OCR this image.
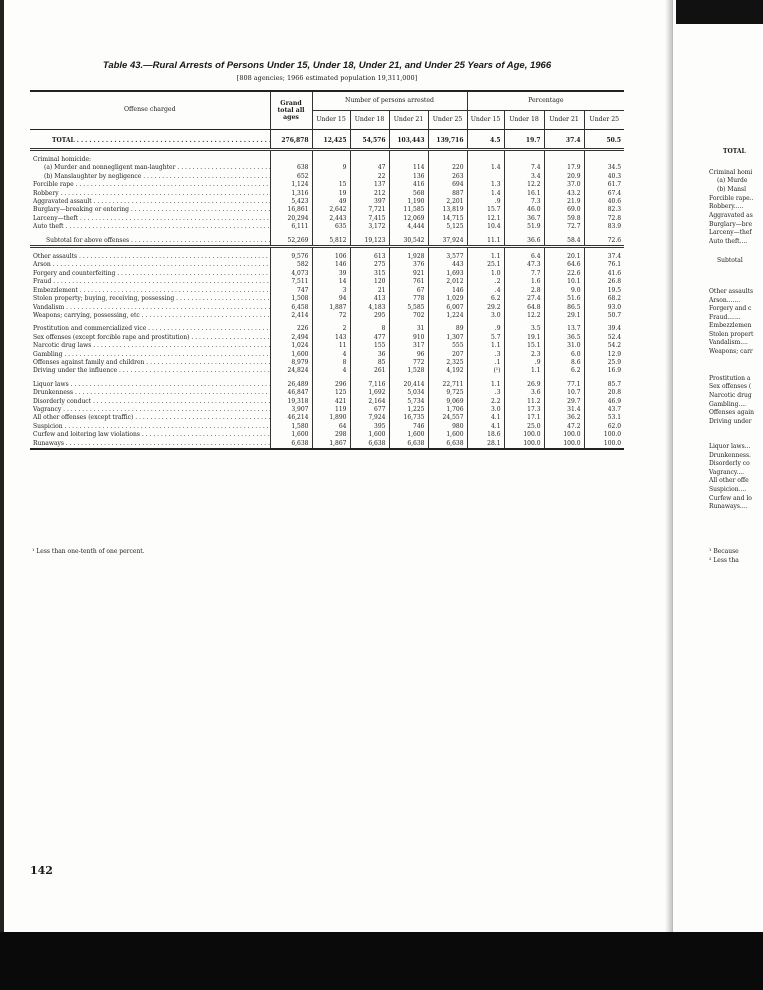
Table 43.—Rural Arrests of Persons Under 15, Under 18, Under 21, and Under 25 Years of Age, 1966
[808 agencies; 1966 estimated population 19,311,000]
Offense charged	Grand total all ages	Number of persons arrested				Percentage			
		Under 15	Under 18	Under 21	Under 25	Under 15	Under 18	Under 21	Under 25

TOTAL . . .	276,878	12,425	54,576	103,443	139,716	4.5	19.7	37.4	50.5

Criminal homicide:									
(a) Murder and nonnegligent man-laughter . . .	638	9	47	114	220	1.4	7.4	17.9	34.5
(b) Manslaughter by negligence . . .	652		22	136	263		3.4	20.9	40.3
Forcible rape . . .	1,124	15	137	416	694	1.3	12.2	37.0	61.7
Robbery . . .	1,316	19	212	568	887	1.4	16.1	43.2	67.4
Aggravated assault . . .	5,423	49	397	1,190	2,201	.9	7.3	21.9	40.6
Burglary—breaking or entering . . .	16,861	2,642	7,721	11,585	13,819	15.7	46.0	69.0	82.3
Larceny—theft . . .	20,294	2,443	7,415	12,069	14,715	12.1	36.7	59.8	72.8
Auto theft . . .	6,111	635	3,172	4,444	5,125	10.4	51.9	72.7	83.9

Subtotal for above offenses . . .	52,269	5,812	19,123	30,542	37,924	11.1	36.6	58.4	72.6

Other assaults . . .	9,576	106	613	1,928	3,577	1.1	6.4	20.1	37.4
Arson . . .	582	146	275	376	443	25.1	47.3	64.6	76.1
Forgery and counterfeiting . . .	4,073	39	315	921	1,693	1.0	7.7	22.6	41.6
Fraud . . .	7,511	14	120	761	2,012	.2	1.6	10.1	26.8
Embezzlement . . .	747	3	21	67	146	.4	2.8	9.0	19.5
Stolen property; buying, receiving, possessing . . .	1,508	94	413	778	1,029	6.2	27.4	51.6	68.2
Vandalism . . .	6,458	1,887	4,183	5,585	6,007	29.2	64.8	86.5	93.0
Weapons; carrying, possessing, etc . . .	2,414	72	295	702	1,224	3.0	12.2	29.1	50.7

Prostitution and commercialized vice . . .	226	2	8	31	89	.9	3.5	13.7	39.4
Sex offenses (except forcible rape and prostitution) . . .	2,494	143	477	910	1,307	5.7	19.1	36.5	52.4
Narcotic drug laws . . .	1,024	11	155	317	555	1.1	15.1	31.0	54.2
Gambling . . .	1,600	4	36	96	207	.3	2.3	6.0	12.9
Offenses against family and children . . .	8,979	8	85	772	2,325	.1	.9	8.6	25.9
Driving under the influence . . .	24,824	4	261	1,528	4,192	(¹)	1.1	6.2	16.9

Liquor laws . . .	26,489	296	7,116	20,414	22,711	1.1	26.9	77.1	85.7
Drunkenness . . .	46,847	125	1,692	5,034	9,725	.3	3.6	10.7	20.8
Disorderly conduct . . .	19,318	421	2,164	5,734	9,069	2.2	11.2	29.7	46.9
Vagrancy . . .	3,907	119	677	1,225	1,706	3.0	17.3	31.4	43.7
All other offenses (except traffic) . . .	46,214	1,890	7,924	16,735	24,557	4.1	17.1	36.2	53.1
Suspicion . . .	1,580	64	395	746	980	4.1	25.0	47.2	62.0
Curfew and loitering law violations . . .	1,600	298	1,600	1,600	1,600	18.6	100.0	100.0	100.0
Runaways . . .	6,638	1,867	6,638	6,638	6,638	28.1	100.0	100.0	100.0
¹ Less than one-tenth of one percent.
142
TOTAL
Criminal homi
(a) Murde
(b) Mansl
Forcible rape..
Robbery.....
Aggravated as
Burglary—bre
Larceny—thef
Auto theft....
Subtotal
Other assaults
Arson.......
Forgery and c
Fraud.......
Embezzlemen
Stolen propert
Vandalism....
Weapons; carr
Prostitution a
Sex offenses (
Narcotic drug
Gambling....
Offenses again
Driving under
Liquor laws...
Drunkenness.
Disorderly co
Vagrancy....
All other offe
Suspicion....
Curfew and lo
Runaways....
¹ Because
² Less tha
